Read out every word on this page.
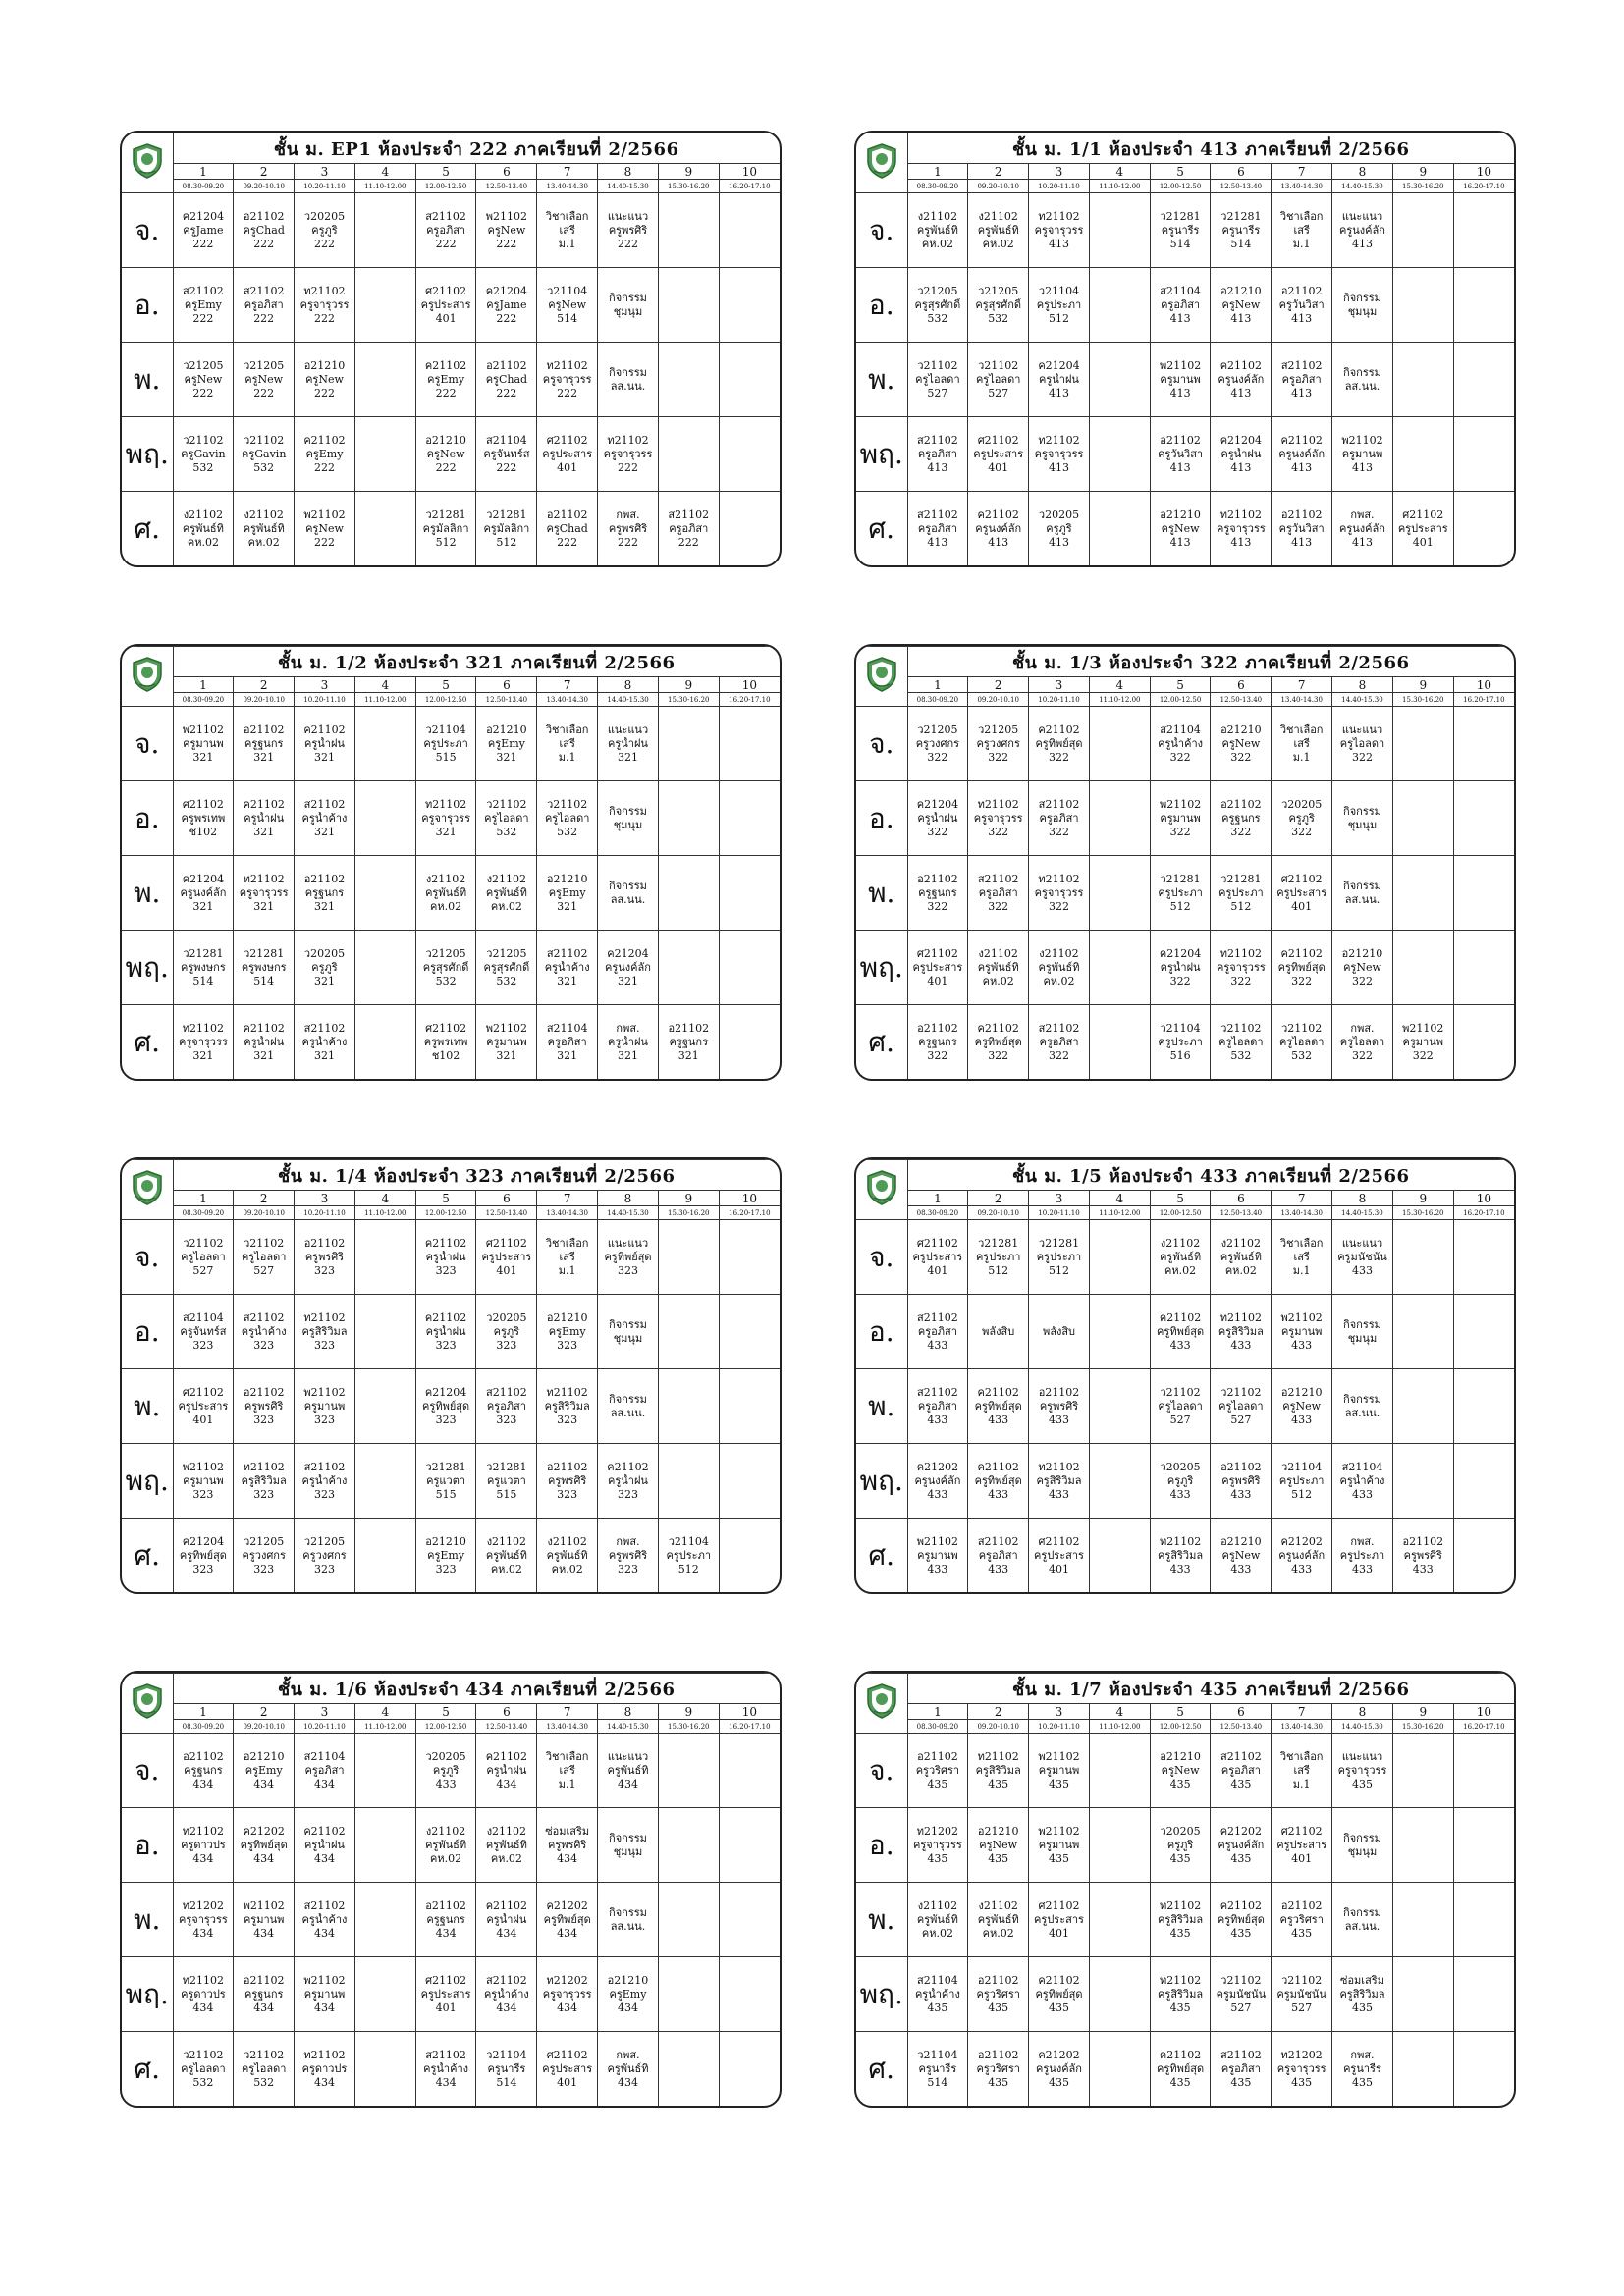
	ชั้น ม. EP1 ห้องประจำ 222 ภาคเรียนที่ 2/2566									
	1	2	3	4	5	6	7	8	9	10
	08.30-09.20	09.20-10.10	10.20-11.10	11.10-12.00	12.00-12.50	12.50-13.40	13.40-14.30	14.40-15.30	15.30-16.20	16.20-17.10
จ.	ค21204
ครูJame
222	อ21102
ครูChad
222	ว20205
ครูภูริ
222		ส21102
ครูอภิสา
222	พ21102
ครูNew
222	วิชาเลือก
เสรี
ม.1	แนะแนว
ครูพรศิริ
222		

อ.	ส21102
ครูEmy
222	ส21102
ครูอภิสา
222	ท21102
ครูจารุวรร
222		ศ21102
ครูประสาร
401	ค21204
ครูJame
222	ว21104
ครูNew
514	กิจกรรม
ชุมนุม		

พ.	ว21205
ครูNew
222	ว21205
ครูNew
222	อ21210
ครูNew
222		ค21102
ครูEmy
222	อ21102
ครูChad
222	ท21102
ครูจารุวรร
222	กิจกรรม
ลส.นน.		

พฤ.	ว21102
ครูGavin
532	ว21102
ครูGavin
532	ค21102
ครูEmy
222		อ21210
ครูNew
222	ส21104
ครูจันทร์ส
222	ศ21102
ครูประสาร
401	ท21102
ครูจารุวรร
222		

ศ.	ง21102
ครูพันธ์ทิ
คห.02	ง21102
ครูพันธ์ทิ
คห.02	พ21102
ครูNew
222		ว21281
ครูมัลลิกา
512	ว21281
ครูมัลลิกา
512	อ21102
ครูChad
222	กพส.
ครูพรศิริ
222	ส21102
ครูอภิสา
222	

	ชั้น ม. 1/1 ห้องประจำ 413 ภาคเรียนที่ 2/2566									
	1	2	3	4	5	6	7	8	9	10
	08.30-09.20	09.20-10.10	10.20-11.10	11.10-12.00	12.00-12.50	12.50-13.40	13.40-14.30	14.40-15.30	15.30-16.20	16.20-17.10
จ.	ง21102
ครูพันธ์ทิ
คห.02	ง21102
ครูพันธ์ทิ
คห.02	ท21102
ครูจารุวรร
413		ว21281
ครูนารีร
514	ว21281
ครูนารีร
514	วิชาเลือก
เสรี
ม.1	แนะแนว
ครูนงค์ลัก
413		

อ.	ว21205
ครูสุรศักดิ์
532	ว21205
ครูสุรศักดิ์
532	ว21104
ครูประภา
512		ส21104
ครูอภิสา
413	อ21210
ครูNew
413	อ21102
ครูวันวิสา
413	กิจกรรม
ชุมนุม		

พ.	ว21102
ครูไอลดา
527	ว21102
ครูไอลดา
527	ค21204
ครูน้ำฝน
413		พ21102
ครูมานพ
413	ค21102
ครูนงค์ลัก
413	ส21102
ครูอภิสา
413	กิจกรรม
ลส.นน.		

พฤ.	ส21102
ครูอภิสา
413	ศ21102
ครูประสาร
401	ท21102
ครูจารุวรร
413		อ21102
ครูวันวิสา
413	ค21204
ครูน้ำฝน
413	ค21102
ครูนงค์ลัก
413	พ21102
ครูมานพ
413		

ศ.	ส21102
ครูอภิสา
413	ค21102
ครูนงค์ลัก
413	ว20205
ครูภูริ
413		อ21210
ครูNew
413	ท21102
ครูจารุวรร
413	อ21102
ครูวันวิสา
413	กพส.
ครูนงค์ลัก
413	ศ21102
ครูประสาร
401	

	ชั้น ม. 1/2 ห้องประจำ 321 ภาคเรียนที่ 2/2566									
	1	2	3	4	5	6	7	8	9	10
	08.30-09.20	09.20-10.10	10.20-11.10	11.10-12.00	12.00-12.50	12.50-13.40	13.40-14.30	14.40-15.30	15.30-16.20	16.20-17.10
จ.	พ21102
ครูมานพ
321	อ21102
ครูฐนกร
321	ค21102
ครูน้ำฝน
321		ว21104
ครูประภา
515	อ21210
ครูEmy
321	วิชาเลือก
เสรี
ม.1	แนะแนว
ครูน้ำฝน
321		

อ.	ศ21102
ครูพรเทพ
ช102	ค21102
ครูน้ำฝน
321	ส21102
ครูน้ำค้าง
321		ท21102
ครูจารุวรร
321	ว21102
ครูไอลดา
532	ว21102
ครูไอลดา
532	กิจกรรม
ชุมนุม		

พ.	ค21204
ครูนงค์ลัก
321	ท21102
ครูจารุวรร
321	อ21102
ครูฐนกร
321		ง21102
ครูพันธ์ทิ
คห.02	ง21102
ครูพันธ์ทิ
คห.02	อ21210
ครูEmy
321	กิจกรรม
ลส.นน.		

พฤ.	ว21281
ครูพงษกร
514	ว21281
ครูพงษกร
514	ว20205
ครูภูริ
321		ว21205
ครูสุรศักดิ์
532	ว21205
ครูสุรศักดิ์
532	ส21102
ครูน้ำค้าง
321	ค21204
ครูนงค์ลัก
321		

ศ.	ท21102
ครูจารุวรร
321	ค21102
ครูน้ำฝน
321	ส21102
ครูน้ำค้าง
321		ศ21102
ครูพรเทพ
ช102	พ21102
ครูมานพ
321	ส21104
ครูอภิสา
321	กพส.
ครูน้ำฝน
321	อ21102
ครูฐนกร
321	

	ชั้น ม. 1/3 ห้องประจำ 322 ภาคเรียนที่ 2/2566									
	1	2	3	4	5	6	7	8	9	10
	08.30-09.20	09.20-10.10	10.20-11.10	11.10-12.00	12.00-12.50	12.50-13.40	13.40-14.30	14.40-15.30	15.30-16.20	16.20-17.10
จ.	ว21205
ครูวงศกร
322	ว21205
ครูวงศกร
322	ค21102
ครูทิพย์สุด
322		ส21104
ครูน้ำค้าง
322	อ21210
ครูNew
322	วิชาเลือก
เสรี
ม.1	แนะแนว
ครูไอลดา
322		

อ.	ค21204
ครูน้ำฝน
322	ท21102
ครูจารุวรร
322	ส21102
ครูอภิสา
322		พ21102
ครูมานพ
322	อ21102
ครูฐนกร
322	ว20205
ครูภูริ
322	กิจกรรม
ชุมนุม		

พ.	อ21102
ครูฐนกร
322	ส21102
ครูอภิสา
322	ท21102
ครูจารุวรร
322		ว21281
ครูประภา
512	ว21281
ครูประภา
512	ศ21102
ครูประสาร
401	กิจกรรม
ลส.นน.		

พฤ.	ศ21102
ครูประสาร
401	ง21102
ครูพันธ์ทิ
คห.02	ง21102
ครูพันธ์ทิ
คห.02		ค21204
ครูน้ำฝน
322	ท21102
ครูจารุวรร
322	ค21102
ครูทิพย์สุด
322	อ21210
ครูNew
322		

ศ.	อ21102
ครูฐนกร
322	ค21102
ครูทิพย์สุด
322	ส21102
ครูอภิสา
322		ว21104
ครูประภา
516	ว21102
ครูไอลดา
532	ว21102
ครูไอลดา
532	กพส.
ครูไอลดา
322	พ21102
ครูมานพ
322	

	ชั้น ม. 1/4 ห้องประจำ 323 ภาคเรียนที่ 2/2566									
	1	2	3	4	5	6	7	8	9	10
	08.30-09.20	09.20-10.10	10.20-11.10	11.10-12.00	12.00-12.50	12.50-13.40	13.40-14.30	14.40-15.30	15.30-16.20	16.20-17.10
จ.	ว21102
ครูไอลดา
527	ว21102
ครูไอลดา
527	อ21102
ครูพรศิริ
323		ค21102
ครูน้ำฝน
323	ศ21102
ครูประสาร
401	วิชาเลือก
เสรี
ม.1	แนะแนว
ครูทิพย์สุด
323		

อ.	ส21104
ครูจันทร์ส
323	ส21102
ครูน้ำค้าง
323	ท21102
ครูสิริวิมล
323		ค21102
ครูน้ำฝน
323	ว20205
ครูภูริ
323	อ21210
ครูEmy
323	กิจกรรม
ชุมนุม		

พ.	ศ21102
ครูประสาร
401	อ21102
ครูพรศิริ
323	พ21102
ครูมานพ
323		ค21204
ครูทิพย์สุด
323	ส21102
ครูอภิสา
323	ท21102
ครูสิริวิมล
323	กิจกรรม
ลส.นน.		

พฤ.	พ21102
ครูมานพ
323	ท21102
ครูสิริวิมล
323	ส21102
ครูน้ำค้าง
323		ว21281
ครูแวตา
515	ว21281
ครูแวตา
515	อ21102
ครูพรศิริ
323	ค21102
ครูน้ำฝน
323		

ศ.	ค21204
ครูทิพย์สุด
323	ว21205
ครูวงศกร
323	ว21205
ครูวงศกร
323		อ21210
ครูEmy
323	ง21102
ครูพันธ์ทิ
คห.02	ง21102
ครูพันธ์ทิ
คห.02	กพส.
ครูพรศิริ
323	ว21104
ครูประภา
512	

	ชั้น ม. 1/5 ห้องประจำ 433 ภาคเรียนที่ 2/2566									
	1	2	3	4	5	6	7	8	9	10
	08.30-09.20	09.20-10.10	10.20-11.10	11.10-12.00	12.00-12.50	12.50-13.40	13.40-14.30	14.40-15.30	15.30-16.20	16.20-17.10
จ.	ศ21102
ครูประสาร
401	ว21281
ครูประภา
512	ว21281
ครูประภา
512		ง21102
ครูพันธ์ทิ
คห.02	ง21102
ครูพันธ์ทิ
คห.02	วิชาเลือก
เสรี
ม.1	แนะแนว
ครูมนัชนัน
433		

อ.	ส21102
ครูอภิสา
433	พลังสิบ	พลังสิบ		ค21102
ครูทิพย์สุด
433	ท21102
ครูสิริวิมล
433	พ21102
ครูมานพ
433	กิจกรรม
ชุมนุม		

พ.	ส21102
ครูอภิสา
433	ค21102
ครูทิพย์สุด
433	อ21102
ครูพรศิริ
433		ว21102
ครูไอลดา
527	ว21102
ครูไอลดา
527	อ21210
ครูNew
433	กิจกรรม
ลส.นน.		

พฤ.	ค21202
ครูนงค์ลัก
433	ค21102
ครูทิพย์สุด
433	ท21102
ครูสิริวิมล
433		ว20205
ครูภูริ
433	อ21102
ครูพรศิริ
433	ว21104
ครูประภา
512	ส21104
ครูน้ำค้าง
433		

ศ.	พ21102
ครูมานพ
433	ส21102
ครูอภิสา
433	ศ21102
ครูประสาร
401		ท21102
ครูสิริวิมล
433	อ21210
ครูNew
433	ค21202
ครูนงค์ลัก
433	กพส.
ครูประภา
433	อ21102
ครูพรศิริ
433	

	ชั้น ม. 1/6 ห้องประจำ 434 ภาคเรียนที่ 2/2566									
	1	2	3	4	5	6	7	8	9	10
	08.30-09.20	09.20-10.10	10.20-11.10	11.10-12.00	12.00-12.50	12.50-13.40	13.40-14.30	14.40-15.30	15.30-16.20	16.20-17.10
จ.	อ21102
ครูฐนกร
434	อ21210
ครูEmy
434	ส21104
ครูอภิสา
434		ว20205
ครูภูริ
433	ค21102
ครูน้ำฝน
434	วิชาเลือก
เสรี
ม.1	แนะแนว
ครูพันธ์ทิ
434		

อ.	ท21102
ครูดาวปร
434	ค21202
ครูทิพย์สุด
434	ค21102
ครูน้ำฝน
434		ง21102
ครูพันธ์ทิ
คห.02	ง21102
ครูพันธ์ทิ
คห.02	ซ่อมเสริม
ครูพรศิริ
434	กิจกรรม
ชุมนุม		

พ.	ท21202
ครูจารุวรร
434	พ21102
ครูมานพ
434	ส21102
ครูน้ำค้าง
434		อ21102
ครูฐนกร
434	ค21102
ครูน้ำฝน
434	ค21202
ครูทิพย์สุด
434	กิจกรรม
ลส.นน.		

พฤ.	ท21102
ครูดาวปร
434	อ21102
ครูฐนกร
434	พ21102
ครูมานพ
434		ศ21102
ครูประสาร
401	ส21102
ครูน้ำค้าง
434	ท21202
ครูจารุวรร
434	อ21210
ครูEmy
434		

ศ.	ว21102
ครูไอลดา
532	ว21102
ครูไอลดา
532	ท21102
ครูดาวปร
434		ส21102
ครูน้ำค้าง
434	ว21104
ครูนารีร
514	ศ21102
ครูประสาร
401	กพส.
ครูพันธ์ทิ
434		

	ชั้น ม. 1/7 ห้องประจำ 435 ภาคเรียนที่ 2/2566									
	1	2	3	4	5	6	7	8	9	10
	08.30-09.20	09.20-10.10	10.20-11.10	11.10-12.00	12.00-12.50	12.50-13.40	13.40-14.30	14.40-15.30	15.30-16.20	16.20-17.10
จ.	อ21102
ครูวริศรา
435	ท21102
ครูสิริวิมล
435	พ21102
ครูมานพ
435		อ21210
ครูNew
435	ส21102
ครูอภิสา
435	วิชาเลือก
เสรี
ม.1	แนะแนว
ครูจารุวรร
435		

อ.	ท21202
ครูจารุวรร
435	อ21210
ครูNew
435	พ21102
ครูมานพ
435		ว20205
ครูภูริ
435	ค21202
ครูนงค์ลัก
435	ศ21102
ครูประสาร
401	กิจกรรม
ชุมนุม		

พ.	ง21102
ครูพันธ์ทิ
คห.02	ง21102
ครูพันธ์ทิ
คห.02	ศ21102
ครูประสาร
401		ท21102
ครูสิริวิมล
435	ค21102
ครูทิพย์สุด
435	อ21102
ครูวริศรา
435	กิจกรรม
ลส.นน.		

พฤ.	ส21104
ครูน้ำค้าง
435	อ21102
ครูวริศรา
435	ค21102
ครูทิพย์สุด
435		ท21102
ครูสิริวิมล
435	ว21102
ครูมนัชนัน
527	ว21102
ครูมนัชนัน
527	ซ่อมเสริม
ครูสิริวิมล
435		

ศ.	ว21104
ครูนารีร
514	อ21102
ครูวริศรา
435	ค21202
ครูนงค์ลัก
435		ค21102
ครูทิพย์สุด
435	ส21102
ครูอภิสา
435	ท21202
ครูจารุวรร
435	กพส.
ครูนารีร
435		
